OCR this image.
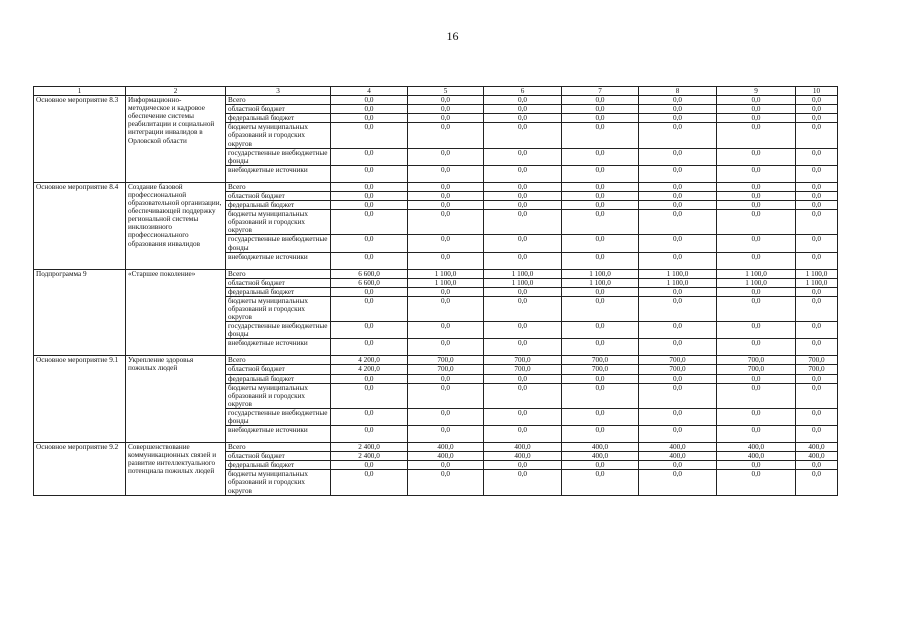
16
1	2	3	4	5	6	7	8	9	10
Основное мероприятие 8.3	Информационно-методическое и кадровое обеспечение системы реабилитации и социальной интеграции инвалидов в Орловской области	Всего	0,0	0,0	0,0	0,0	0,0	0,0	0,0
		областной бюджет	0,0	0,0	0,0	0,0	0,0	0,0	0,0
		федеральный бюджет	0,0	0,0	0,0	0,0	0,0	0,0	0,0
		бюджеты муниципальных образований и городских округов	0,0	0,0	0,0	0,0	0,0	0,0	0,0
		государственные внебюджетные фонды	0,0	0,0	0,0	0,0	0,0	0,0	0,0
		внебюджетные источники	0,0	0,0	0,0	0,0	0,0	0,0	0,0
Основное мероприятие 8.4	Создание базовой профессиональной образовательной организации, обеспечивающей поддержку региональной системы инклюзивного профессионального образования инвалидов	Всего	0,0	0,0	0,0	0,0	0,0	0,0	0,0
		областной бюджет	0,0	0,0	0,0	0,0	0,0	0,0	0,0
		федеральный бюджет	0,0	0,0	0,0	0,0	0,0	0,0	0,0
		бюджеты муниципальных образований и городских округов	0,0	0,0	0,0	0,0	0,0	0,0	0,0
		государственные внебюджетные фонды	0,0	0,0	0,0	0,0	0,0	0,0	0,0
		внебюджетные источники	0,0	0,0	0,0	0,0	0,0	0,0	0,0
Подпрограмма 9	«Старшее поколение»	Всего	6 600,0	1 100,0	1 100,0	1 100,0	1 100,0	1 100,0	1 100,0
		областной бюджет	6 600,0	1 100,0	1 100,0	1 100,0	1 100,0	1 100,0	1 100,0
		федеральный бюджет	0,0	0,0	0,0	0,0	0,0	0,0	0,0
		бюджеты муниципальных образований и городских округов	0,0	0,0	0,0	0,0	0,0	0,0	0,0
		государственные внебюджетные фонды	0,0	0,0	0,0	0,0	0,0	0,0	0,0
		внебюджетные источники	0,0	0,0	0,0	0,0	0,0	0,0	0,0
Основное мероприятие 9.1	Укрепление здоровья пожилых людей	Всего	4 200,0	700,0	700,0	700,0	700,0	700,0	700,0
		областной бюджет	4 200,0	700,0	700,0	700,0	700,0	700,0	700,0
		федеральный бюджет	0,0	0,0	0,0	0,0	0,0	0,0	0,0
		бюджеты муниципальных образований и городских округов	0,0	0,0	0,0	0,0	0,0	0,0	0,0
		государственные внебюджетные фонды	0,0	0,0	0,0	0,0	0,0	0,0	0,0
		внебюджетные источники	0,0	0,0	0,0	0,0	0,0	0,0	0,0
Основное мероприятие 9.2	Совершенствование коммуникационных связей и развитие интеллектуального потенциала пожилых людей	Всего	2 400,0	400,0	400,0	400,0	400,0	400,0	400,0
		областной бюджет	2 400,0	400,0	400,0	400,0	400,0	400,0	400,0
		федеральный бюджет	0,0	0,0	0,0	0,0	0,0	0,0	0,0
		бюджеты муниципальных образований и городских округов	0,0	0,0	0,0	0,0	0,0	0,0	0,0
